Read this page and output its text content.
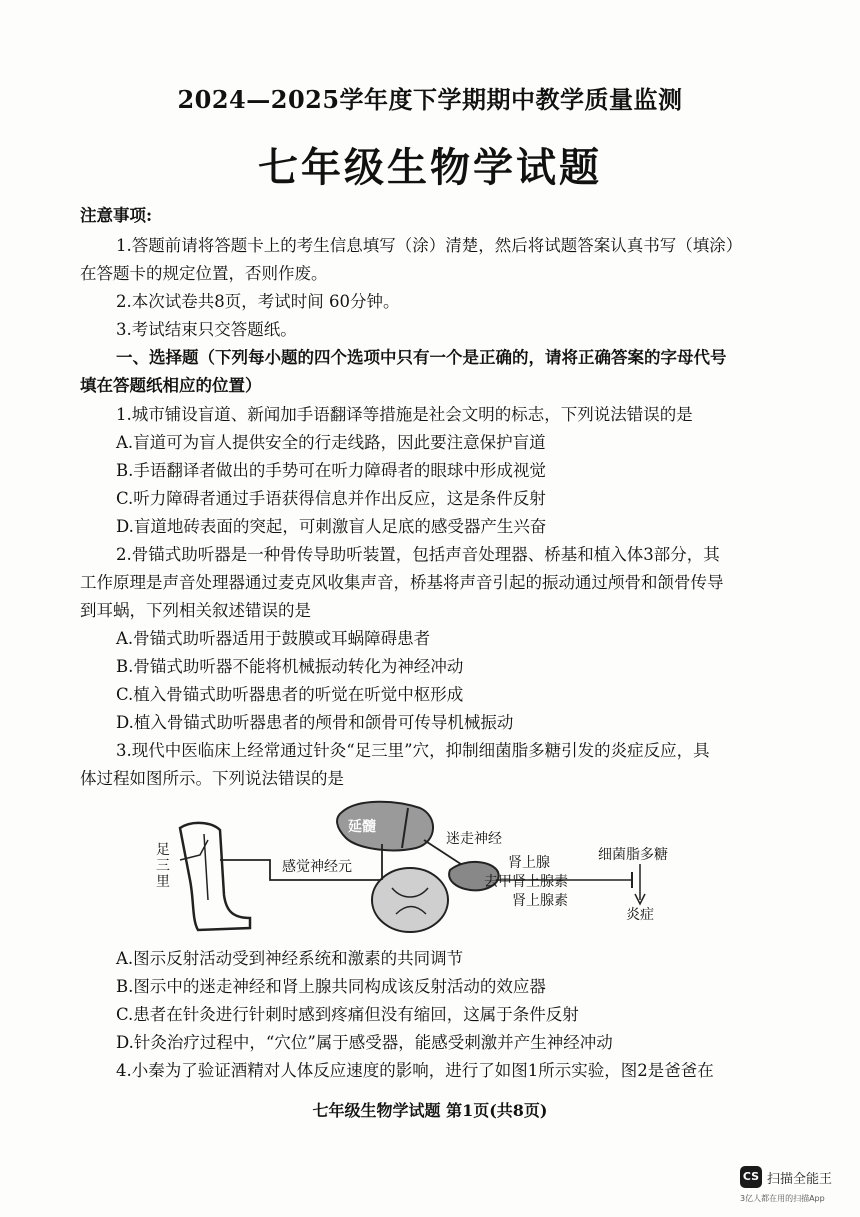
2024—2025学年度下学期期中教学质量监测
七年级生物学试题
注意事项:
1.答题前请将答题卡上的考生信息填写（涂）清楚，然后将试题答案认真书写（填涂）
在答题卡的规定位置，否则作废。
2.本次试卷共8页，考试时间 60分钟。
3.考试结束只交答题纸。
一、选择题（下列每小题的四个选项中只有一个是正确的，请将正确答案的字母代号
填在答题纸相应的位置）
1.城市铺设盲道、新闻加手语翻译等措施是社会文明的标志，下列说法错误的是
A.盲道可为盲人提供安全的行走线路，因此要注意保护盲道
B.手语翻译者做出的手势可在听力障碍者的眼球中形成视觉
C.听力障碍者通过手语获得信息并作出反应，这是条件反射
D.盲道地砖表面的突起，可刺激盲人足底的感受器产生兴奋
2.骨锚式助听器是一种骨传导助听装置，包括声音处理器、桥基和植入体3部分，其
工作原理是声音处理器通过麦克风收集声音，桥基将声音引起的振动通过颅骨和颌骨传导
到耳蜗，下列相关叙述错误的是
A.骨锚式助听器适用于鼓膜或耳蜗障碍患者
B.骨锚式助听器不能将机械振动转化为神经冲动
C.植入骨锚式助听器患者的听觉在听觉中枢形成
D.植入骨锚式助听器患者的颅骨和颌骨可传导机械振动
3.现代中医临床上经常通过针灸“足三里”穴，抑制细菌脂多糖引发的炎症反应，具
体过程如图所示。下列说法错误的是
延髓
足三里
感觉神经元
迷走神经
肾上腺
去甲肾上腺素
肾上腺素
细菌脂多糖
炎症
A.图示反射活动受到神经系统和激素的共同调节
B.图示中的迷走神经和肾上腺共同构成该反射活动的效应器
C.患者在针灸进行针刺时感到疼痛但没有缩回，这属于条件反射
D.针灸治疗过程中，“穴位”属于感受器，能感受刺激并产生神经冲动
4.小秦为了验证酒精对人体反应速度的影响，进行了如图1所示实验，图2是爸爸在
七年级生物学试题 第1页(共8页)
CS 扫描全能王
3亿人都在用的扫描App
